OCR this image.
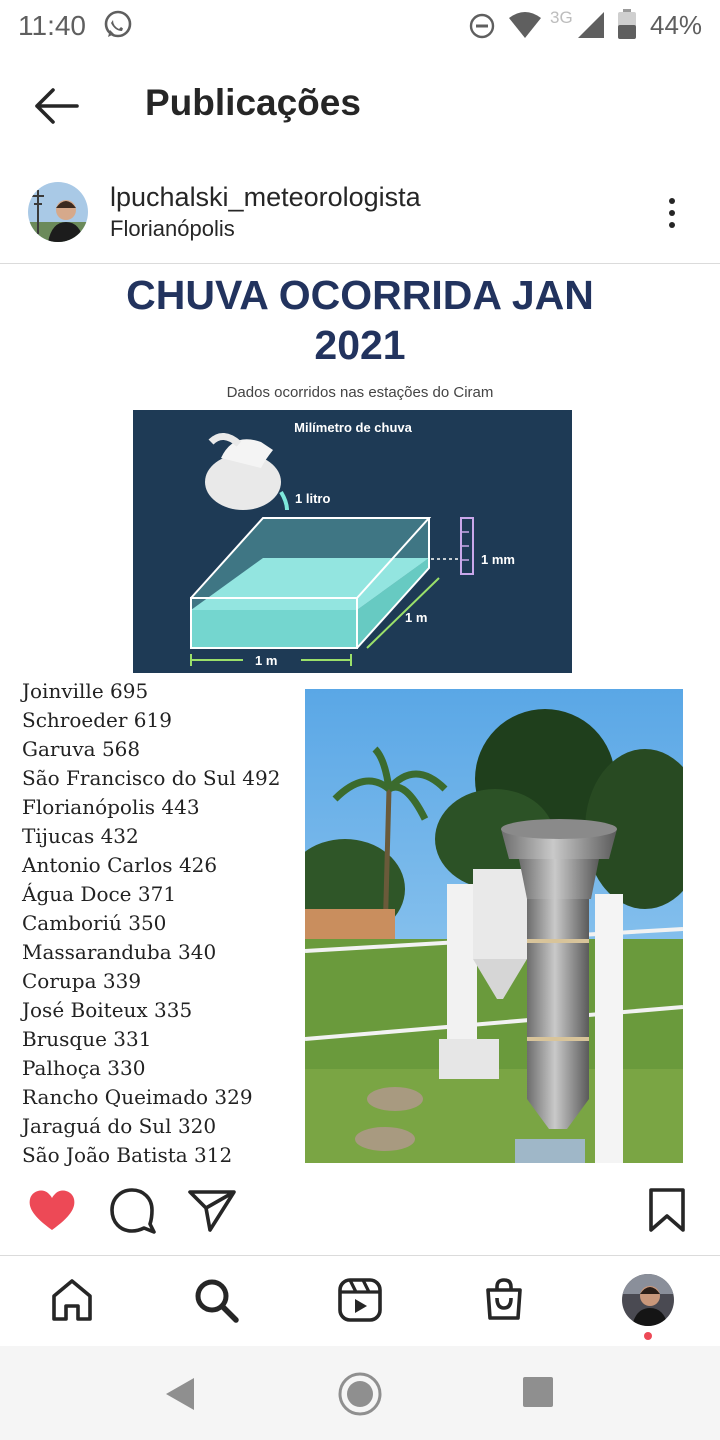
11:40	3G	44%
Publicações
lpuchalski_meteorologista
Florianópolis
CHUVA OCORRIDA JAN
2021
Dados ocorridos nas estações do Ciram
Milímetro de chuva
1 litro
1 mm
1 m
1 m
Joinville 695
Schroeder 619
Garuva 568
São Francisco do Sul 492
Florianópolis 443
Tijucas 432
Antonio Carlos 426
Água Doce 371
Camboriú 350
Massaranduba 340
Corupa 339
José Boiteux 335
Brusque 331
Palhoça 330
Rancho Queimado 329
Jaraguá do Sul 320
São João Batista 312
